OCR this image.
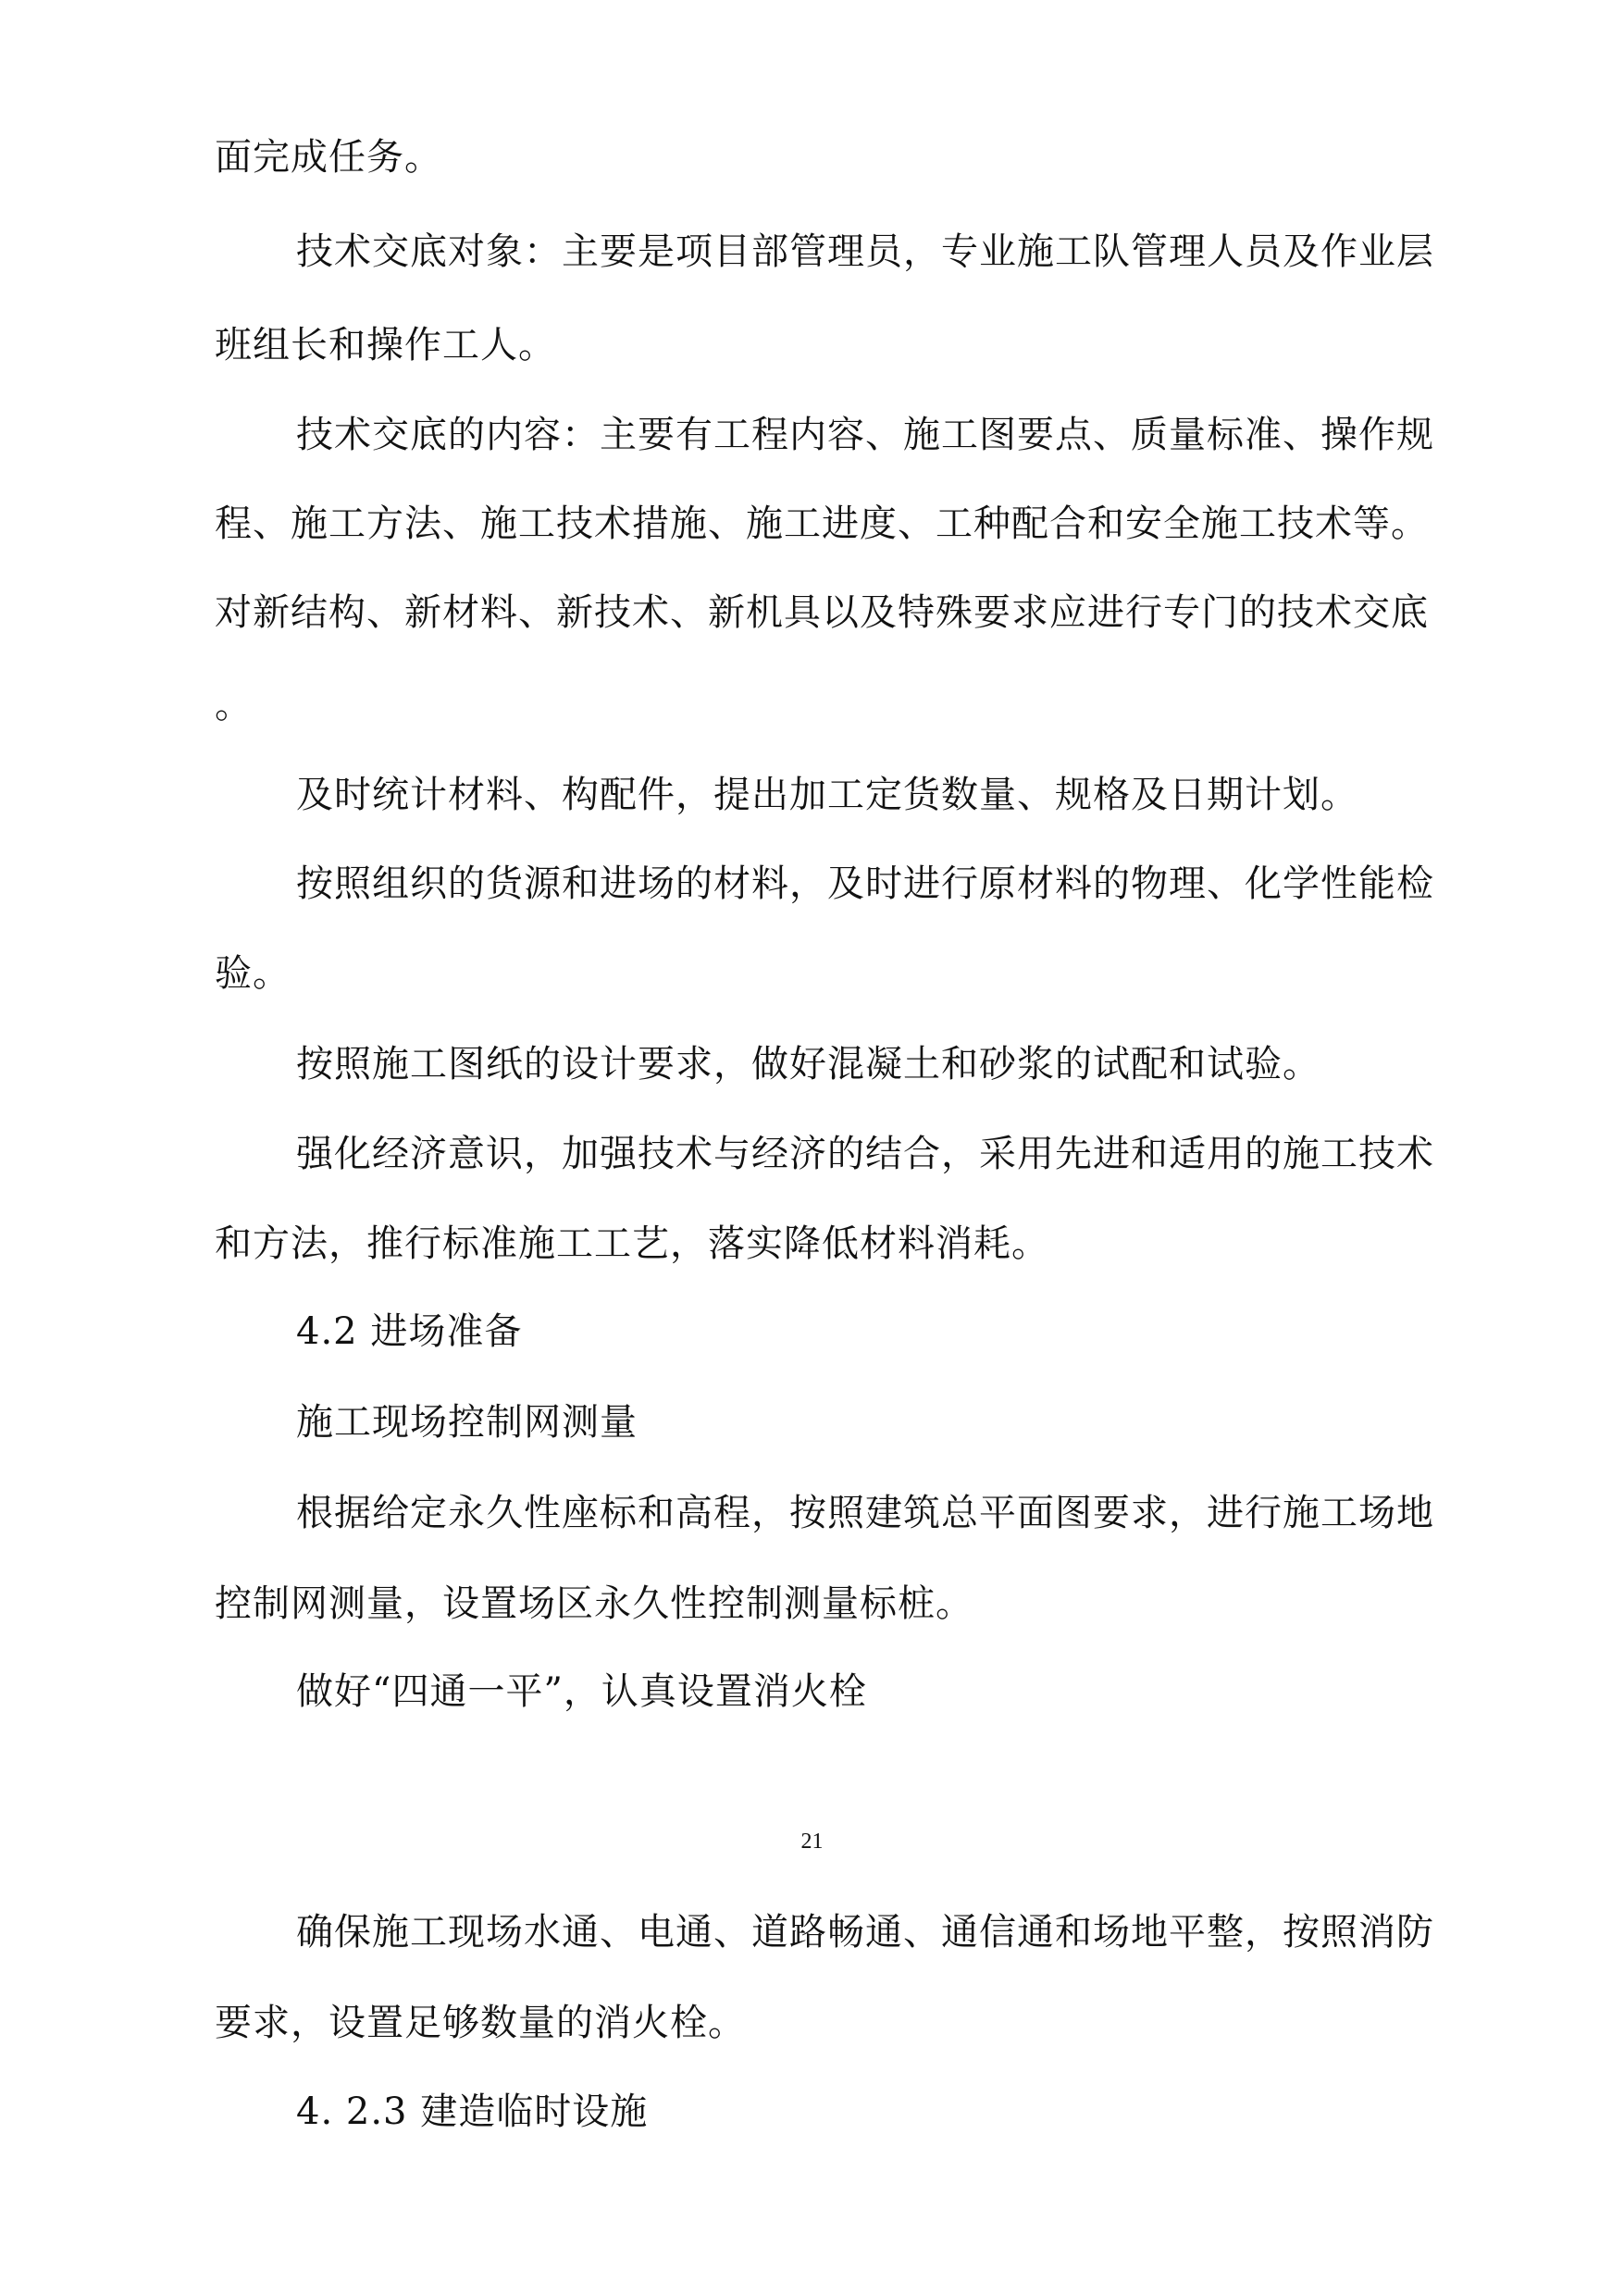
面完成任务。

技术交底对象：主要是项目部管理员，专业施工队管理人员及作业层

班组长和操作工人。

技术交底的内容：主要有工程内容、施工图要点、质量标准、操作规

程、施工方法、施工技术措施、施工进度、工种配合和安全施工技术等。

对新结构、新材料、新技术、新机具以及特殊要求应进行专门的技术交底

。

及时统计材料、构配件，提出加工定货数量、规格及日期计划。

按照组织的货源和进场的材料，及时进行原材料的物理、化学性能检

验。

按照施工图纸的设计要求，做好混凝土和砂浆的试配和试验。

强化经济意识，加强技术与经济的结合，采用先进和适用的施工技术

和方法，推行标准施工工艺，落实降低材料消耗。

4.2 进场准备

施工现场控制网测量

根据给定永久性座标和高程，按照建筑总平面图要求，进行施工场地

控制网测量，设置场区永久性控制测量标桩。

做好“四通一平”，认真设置消火栓

21

确保施工现场水通、电通、道路畅通、通信通和场地平整，按照消防

要求，设置足够数量的消火栓。

4. 2.3 建造临时设施
